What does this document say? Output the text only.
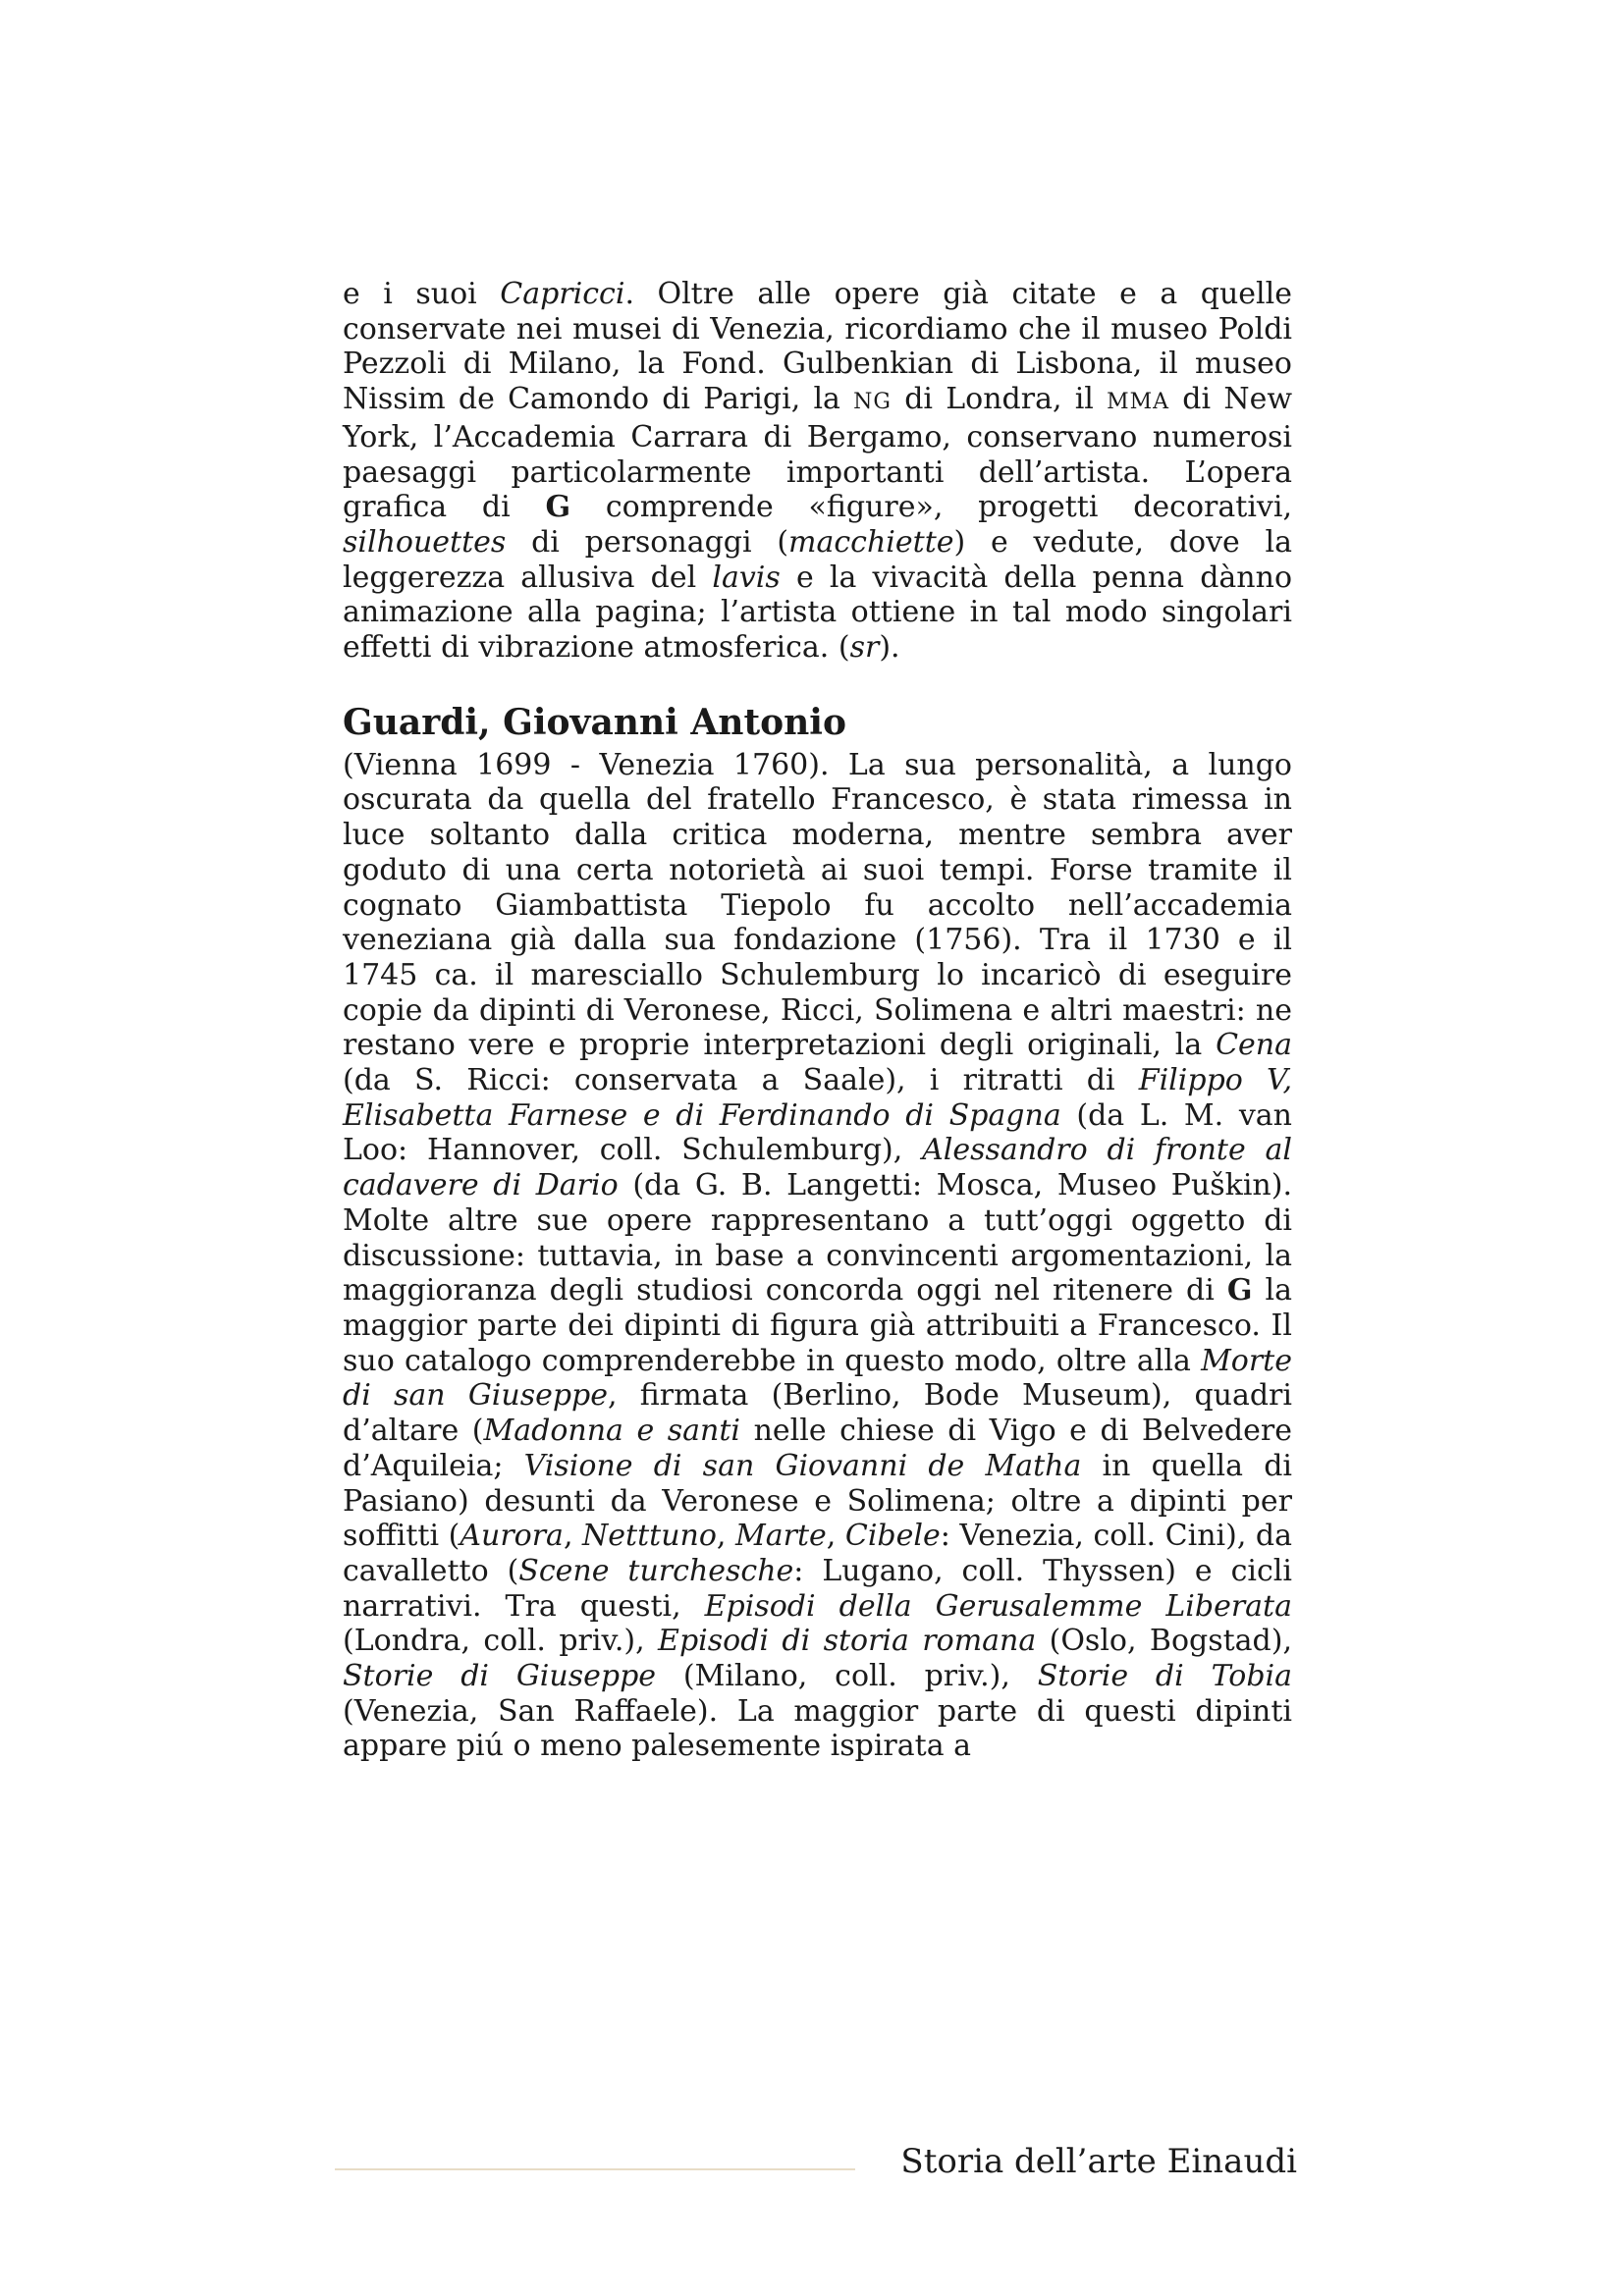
e i suoi Capricci. Oltre alle opere già citate e a quelle conservate nei musei di Venezia, ricordiamo che il museo Poldi Pezzoli di Milano, la Fond. Gulbenkian di Lisbona, il museo Nissim de Camondo di Parigi, la NG di Londra, il MMA di New York, l’Accademia Carrara di Bergamo, conservano numerosi paesaggi particolarmente importanti dell’artista. L’opera grafica di G comprende «figure», progetti decorativi, silhouettes di personaggi (macchiette) e vedute, dove la leggerezza allusiva del lavis e la vivacità della penna dànno animazione alla pagina; l’artista ottiene in tal modo singolari effetti di vibrazione atmosferica. (sr).

Guardi, Giovanni Antonio

(Vienna 1699 - Venezia 1760). La sua personalità, a lungo oscurata da quella del fratello Francesco, è stata rimessa in luce soltanto dalla critica moderna, mentre sembra aver goduto di una certa notorietà ai suoi tempi. Forse tramite il cognato Giambattista Tiepolo fu accolto nell’accademia veneziana già dalla sua fondazione (1756). Tra il 1730 e il 1745 ca. il maresciallo Schulemburg lo incaricò di eseguire copie da dipinti di Veronese, Ricci, Solimena e altri maestri: ne restano vere e proprie interpretazioni degli originali, la Cena (da S. Ricci: conservata a Saale), i ritratti di Filippo V, Elisabetta Farnese e di Ferdinando di Spagna (da L. M. van Loo: Hannover, coll. Schulemburg), Alessandro di fronte al cadavere di Dario (da G. B. Langetti: Mosca, Museo Puškin). Molte altre sue opere rappresentano a tutt’oggi oggetto di discussione: tuttavia, in base a convincenti argomentazioni, la maggioranza degli studiosi concorda oggi nel ritenere di G la maggior parte dei dipinti di figura già attribuiti a Francesco. Il suo catalogo comprenderebbe in questo modo, oltre alla Morte di san Giuseppe, firmata (Berlino, Bode Museum), quadri d’altare (Madonna e santi nelle chiese di Vigo e di Belvedere d’Aquileia; Visione di san Giovanni de Matha in quella di Pasiano) desunti da Veronese e Solimena; oltre a dipinti per soffitti (Aurora, Netttuno, Marte, Cibele: Venezia, coll. Cini), da cavalletto (Scene turchesche: Lugano, coll. Thyssen) e cicli narrativi. Tra questi, Episodi della Gerusalemme Liberata (Londra, coll. priv.), Episodi di storia romana (Oslo, Bogstad), Storie di Giuseppe (Milano, coll. priv.), Storie di Tobia (Venezia, San Raffaele). La maggior parte di questi dipinti appare piú o meno palesemente ispirata a

Storia dell’arte Einaudi
